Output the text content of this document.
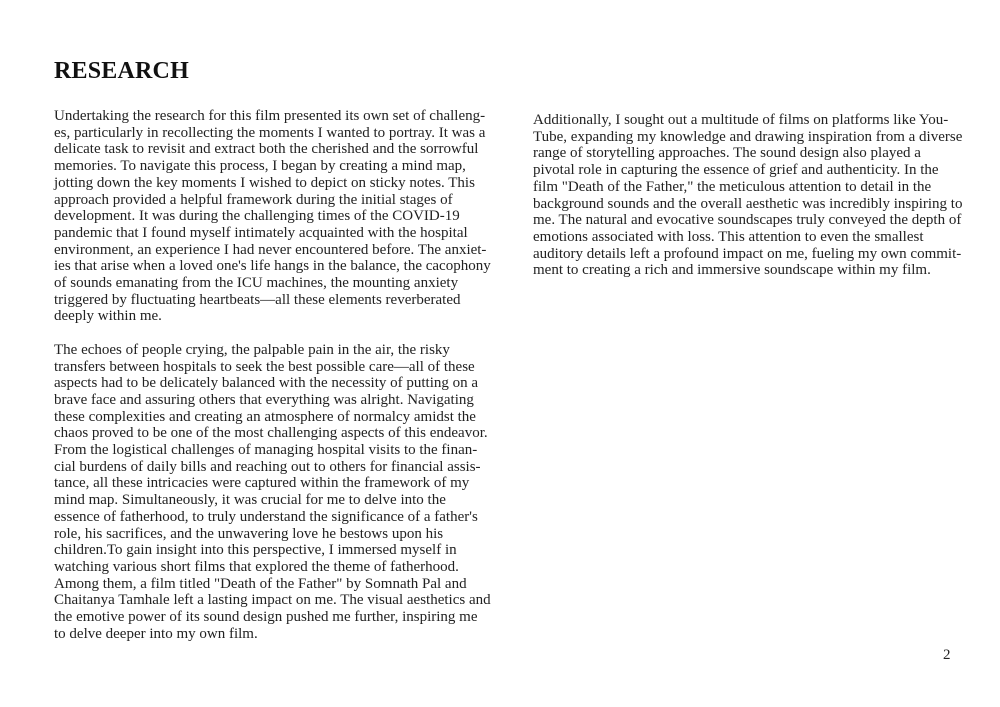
RESEARCH

Undertaking the research for this film presented its own set of challeng-
es, particularly in recollecting the moments I wanted to portray. It was a
delicate task to revisit and extract both the cherished and the sorrowful
memories. To navigate this process, I began by creating a mind map,
jotting down the key moments I wished to depict on sticky notes. This
approach provided a helpful framework during the initial stages of
development. It was during the challenging times of the COVID-19
pandemic that I found myself intimately acquainted with the hospital
environment, an experience I had never encountered before. The anxiet-
ies that arise when a loved one's life hangs in the balance, the cacophony
of sounds emanating from the ICU machines, the mounting anxiety
triggered by fluctuating heartbeats—all these elements reverberated
deeply within me.

The echoes of people crying, the palpable pain in the air, the risky
transfers between hospitals to seek the best possible care—all of these
aspects had to be delicately balanced with the necessity of putting on a
brave face and assuring others that everything was alright. Navigating
these complexities and creating an atmosphere of normalcy amidst the
chaos proved to be one of the most challenging aspects of this endeavor.
From the logistical challenges of managing hospital visits to the finan-
cial burdens of daily bills and reaching out to others for financial assis-
tance, all these intricacies were captured within the framework of my
mind map. Simultaneously, it was crucial for me to delve into the
essence of fatherhood, to truly understand the significance of a father's
role, his sacrifices, and the unwavering love he bestows upon his
children.To gain insight into this perspective, I immersed myself in
watching various short films that explored the theme of fatherhood.
Among them, a film titled "Death of the Father" by Somnath Pal and
Chaitanya Tamhale left a lasting impact on me. The visual aesthetics and
the emotive power of its sound design pushed me further, inspiring me
to delve deeper into my own film.

Additionally, I sought out a multitude of films on platforms like You-
Tube, expanding my knowledge and drawing inspiration from a diverse
range of storytelling approaches. The sound design also played a
pivotal role in capturing the essence of grief and authenticity. In the
film "Death of the Father," the meticulous attention to detail in the
background sounds and the overall aesthetic was incredibly inspiring to
me. The natural and evocative soundscapes truly conveyed the depth of
emotions associated with loss. This attention to even the smallest
auditory details left a profound impact on me, fueling my own commit-
ment to creating a rich and immersive soundscape within my film.

2
